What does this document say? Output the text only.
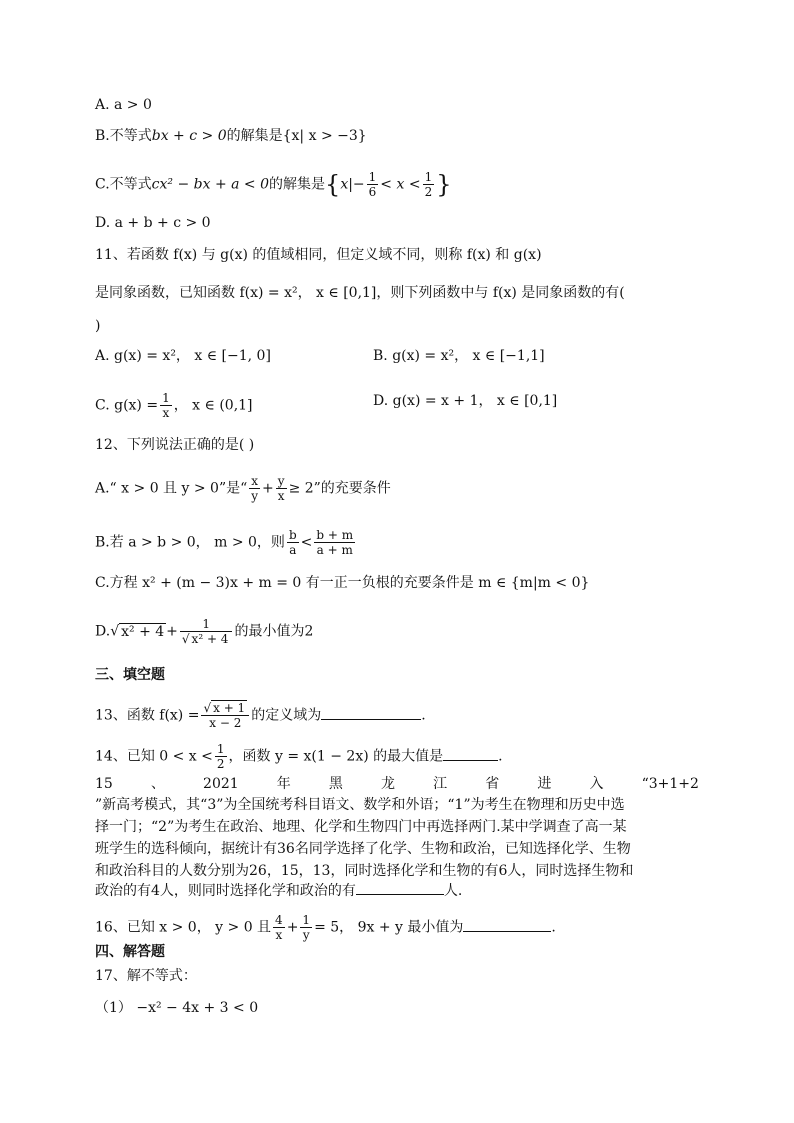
A. a > 0
B.不等式bx + c > 0的解集是{x| x > −3}
C.不等式cx² − bx + a < 0的解集是{$x|- \frac{1}{6} < x < \frac{1}{2}$ }
D. a + b + c > 0
11、若函数 f(x) 与 g(x) 的值域相同，但定义域不同，则称 f(x) 和 g(x)
是同象函数，已知函数 f(x) = x²， x ∈ [0,1]，则下列函数中与 f(x) 是同象函数的有(
)
A. g(x) = x²， x ∈ [−1, 0]	B. g(x) = x²， x ∈ [−1,1]
C. $g(x) = \frac{1}{x}$ ， x ∈ (0,1]	D. g(x) = x + 1， x ∈ [0,1]
12、下列说法正确的是( )
A.“ x > 0 且 y > 0”是“ $\frac{x}{y} + \frac{y}{x} \ge 2$”的充要条件
B.若 a > b > 0， m > 0，则 $\frac{b}{a} < \frac{b + m}{a + m}$
C.方程 x² + (m − 3)x + m = 0 有一正一负根的充要条件是 m ∈ {m|m < 0}
D.√ $x^2 + 4 + \frac{1}{\text{√ x² + 4}}$ 的最小值为2
三、填空题
13、函数 $f(x) = \frac{√ x + 1}{x - 2}$ 的定义域为	.
14、已知 $0 < x < \frac{1}{2}$ ，函数 y = x(1 − 2x) 的最大值是	.
15	、	2021	年	黑	龙	江	省	进	入	“3+1+2
”新高考模式，其“3”为全国统考科目语文、数学和外语；“1”为考生在物理和历史中选
择一门；“2”为考生在政治、地理、化学和生物四门中再选择两门.某中学调查了高一某
班学生的选科倾向，据统计有36名同学选择了化学、生物和政治，已知选择化学、生物
和政治科目的人数分别为26，15，13，同时选择化学和生物的有6人，同时选择生物和
政治的有4人，则同时选择化学和政治的有	人.
16、已知 x > 0， y > 0 且 $\frac{4}{x} + \frac{1}{y} = 5$， 9x + y 最小值为	.
四、解答题
17、解不等式：
（1） −x² − 4x + 3 < 0
